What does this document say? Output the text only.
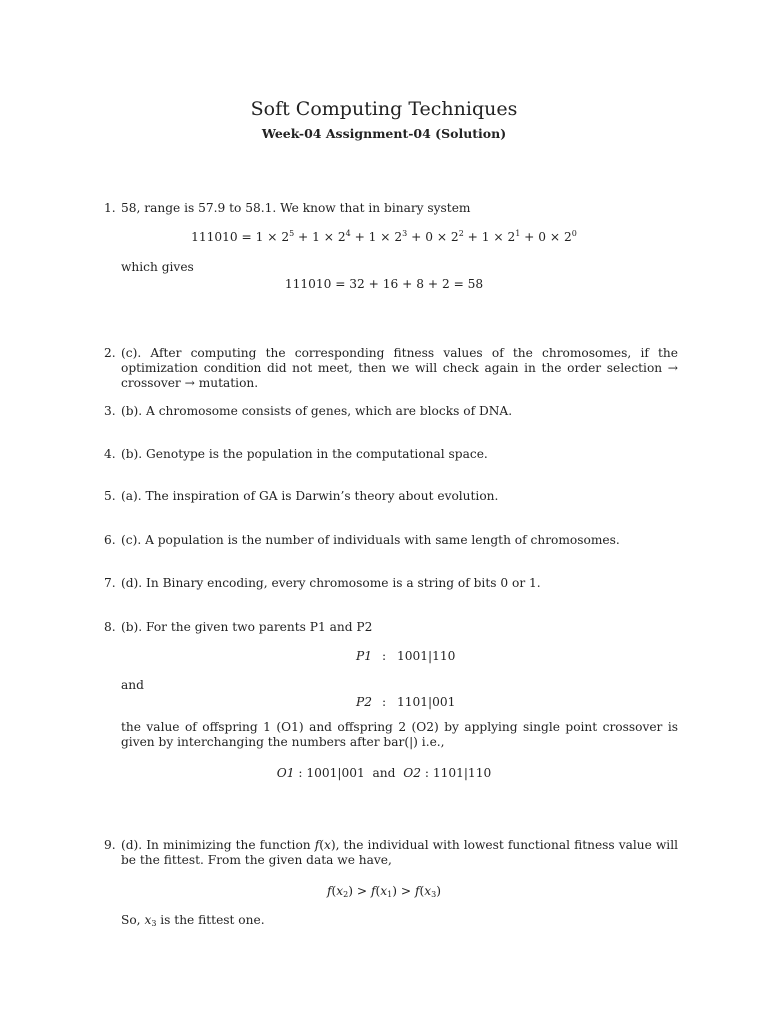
Soft Computing Techniques
Week-04 Assignment-04 (Solution)
1. 58, range is 57.9 to 58.1. We know that in binary system
$111010 = 1 \times 2^5 + 1 \times 2^4 + 1 \times 2^3 + 0 \times 2^2 + 1 \times 2^1 + 0 \times 2^0$
which gives
111010 = 32 + 16 + 8 + 2 = 58
2. (c). After computing the corresponding fitness values of the chromosomes, if the optimization condition did not meet, then we will check again in the order selection → crossover → mutation.
3. (b). A chromosome consists of genes, which are blocks of DNA.
4. (b). Genotype is the population in the computational space.
5. (a). The inspiration of GA is Darwin’s theory about evolution.
6. (c). A population is the number of individuals with same length of chromosomes.
7. (d). In Binary encoding, every chromosome is a string of bits 0 or 1.
8. (b). For the given two parents P1 and P2
P1 : 1001|110
and
P2 : 1101|001
the value of offspring 1 (O1) and offspring 2 (O2) by applying single point crossover is given by interchanging the numbers after bar(|) i.e.,
O1 : 1001|001 and O2 : 1101|110
9. (d). In minimizing the function f(x), the individual with lowest functional fitness value will be the fittest. From the given data we have,
$f(x_2) > f(x_1) > f(x_3)$
So, $x_3$ is the fittest one.
